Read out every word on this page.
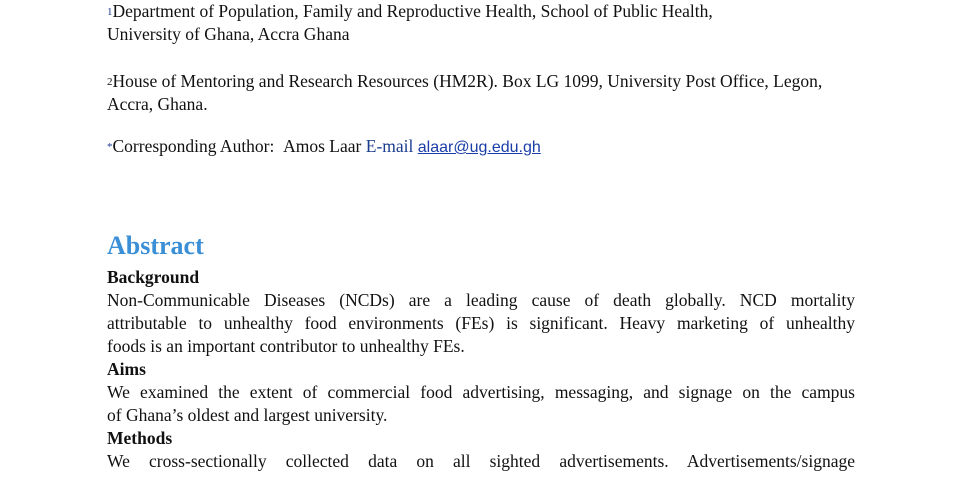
$^1$Department of Population, Family and Reproductive Health, School of Public Health,
University of Ghana, Accra Ghana
$^2$House of Mentoring and Research Resources (HM2R). Box LG 1099, University Post Office, Legon,
Accra, Ghana.
*Corresponding Author: Amos Laar E-mail alaar@ug.edu.gh
Abstract
Background
Non-Communicable Diseases (NCDs) are a leading cause of death globally. NCD mortality
attributable to unhealthy food environments (FEs) is significant. Heavy marketing of unhealthy
foods is an important contributor to unhealthy FEs.
Aims
We examined the extent of commercial food advertising, messaging, and signage on the campus
of Ghana’s oldest and largest university.
Methods
We cross-sectionally collected data on all sighted advertisements. Advertisements/signage
